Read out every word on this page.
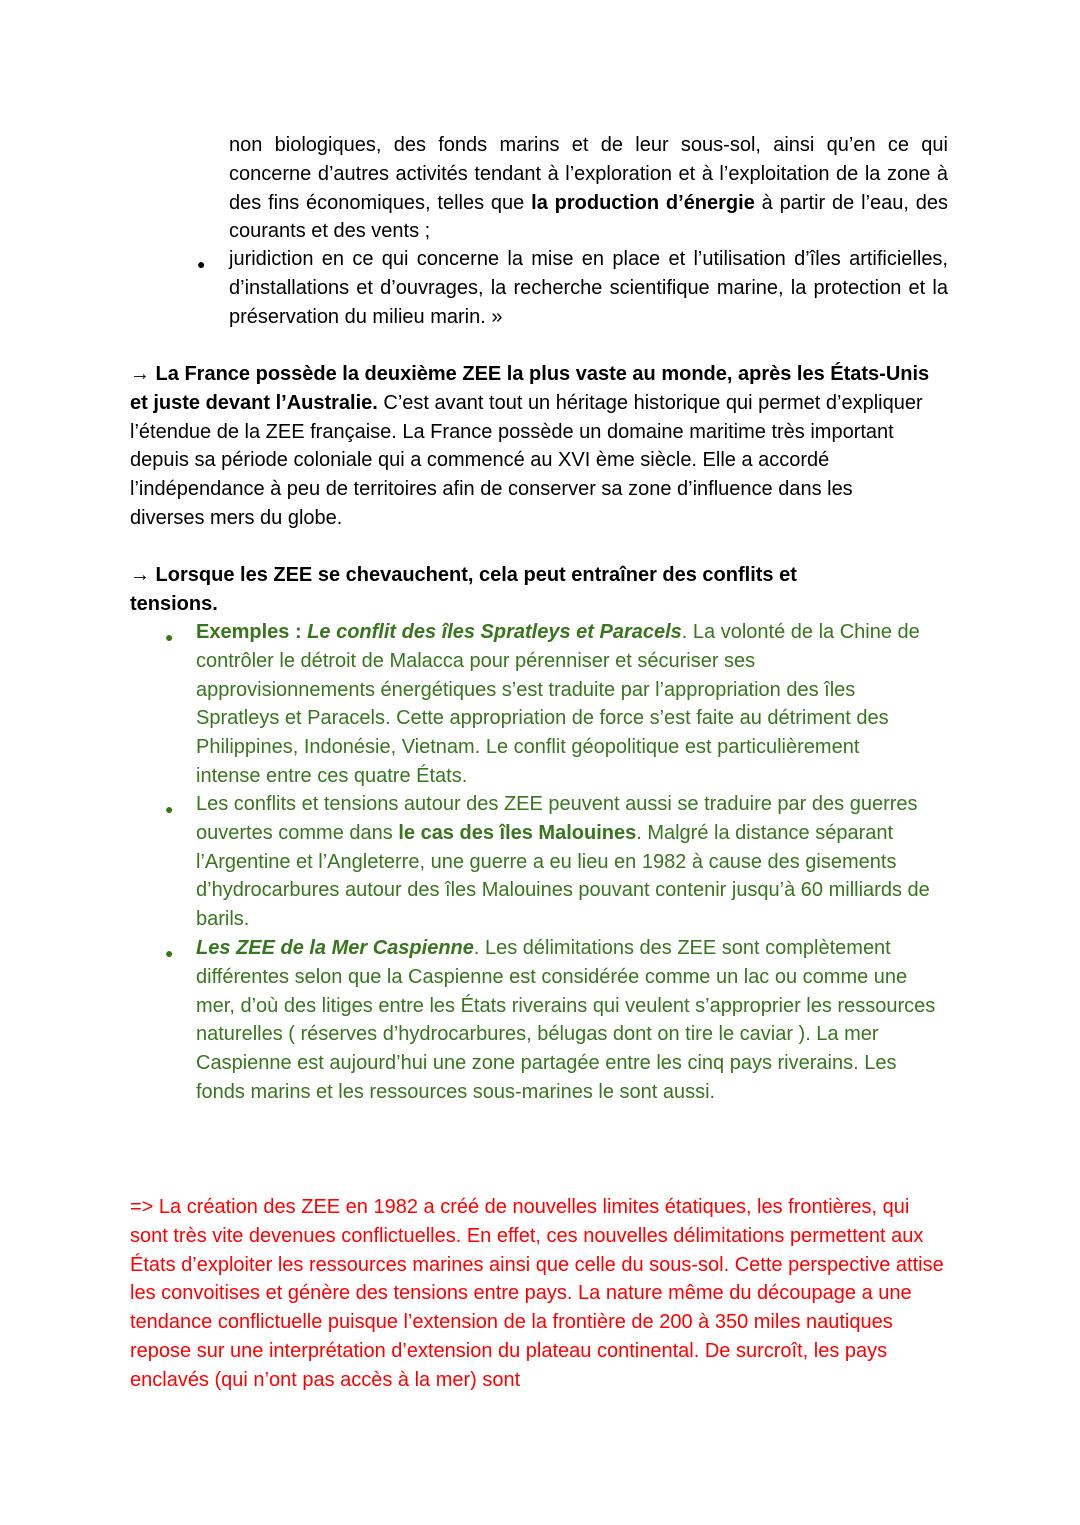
non biologiques, des fonds marins et de leur sous-sol, ainsi qu’en ce qui concerne d’autres activités tendant à l’exploration et à l’exploitation de la zone à des fins économiques, telles que la production d’énergie à partir de l’eau, des courants et des vents ;

● juridiction en ce qui concerne la mise en place et l’utilisation d’îles artificielles, d’installations et d’ouvrages, la recherche scientifique marine, la protection et la préservation du milieu marin. »

→ La France possède la deuxième ZEE la plus vaste au monde, après les États-Unis et juste devant l’Australie. C’est avant tout un héritage historique qui permet d’expliquer l’étendue de la ZEE française. La France possède un domaine maritime très important depuis sa période coloniale qui a commencé au XVI ème siècle. Elle a accordé l’indépendance à peu de territoires afin de conserver sa zone d’influence dans les diverses mers du globe.

→ Lorsque les ZEE se chevauchent, cela peut entraîner des conflits et tensions.

● Exemples : Le conflit des îles Spratleys et Paracels. La volonté de la Chine de contrôler le détroit de Malacca pour pérenniser et sécuriser ses approvisionnements énergétiques s’est traduite par l’appropriation des îles Spratleys et Paracels. Cette appropriation de force s’est faite au détriment des Philippines, Indonésie, Vietnam. Le conflit géopolitique est particulièrement intense entre ces quatre États.

● Les conflits et tensions autour des ZEE peuvent aussi se traduire par des guerres ouvertes comme dans le cas des îles Malouines. Malgré la distance séparant l’Argentine et l’Angleterre, une guerre a eu lieu en 1982 à cause des gisements d’hydrocarbures autour des îles Malouines pouvant contenir jusqu’à 60 milliards de barils.

● Les ZEE de la Mer Caspienne. Les délimitations des ZEE sont complètement différentes selon que la Caspienne est considérée comme un lac ou comme une mer, d’où des litiges entre les États riverains qui veulent s’approprier les ressources naturelles ( réserves d’hydrocarbures, bélugas dont on tire le caviar ). La mer Caspienne est aujourd’hui une zone partagée entre les cinq pays riverains. Les fonds marins et les ressources sous-marines le sont aussi.

=> La création des ZEE en 1982 a créé de nouvelles limites étatiques, les frontières, qui sont très vite devenues conflictuelles. En effet, ces nouvelles délimitations permettent aux États d’exploiter les ressources marines ainsi que celle du sous-sol. Cette perspective attise les convoitises et génère des tensions entre pays. La nature même du découpage a une tendance conflictuelle puisque l’extension de la frontière de 200 à 350 miles nautiques repose sur une interprétation d’extension du plateau continental. De surcroît, les pays enclavés (qui n’ont pas accès à la mer) sont
